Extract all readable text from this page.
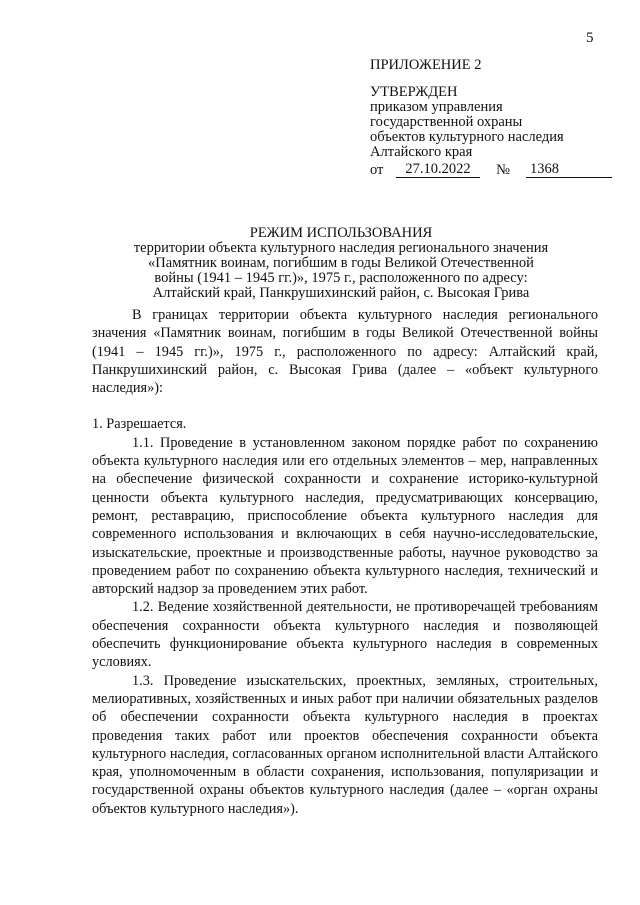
5
ПРИЛОЖЕНИЕ 2
УТВЕРЖДЕН
приказом управления
государственной охраны
объектов культурного наследия
Алтайского края
от	27.10.2022	№	1368
РЕЖИМ ИСПОЛЬЗОВАНИЯ
территории объекта культурного наследия регионального значения
«Памятник воинам, погибшим в годы Великой Отечественной
войны (1941 – 1945 гг.)», 1975 г., расположенного по адресу:
Алтайский край, Панкрушихинский район, с. Высокая Грива

В границах территории объекта культурного наследия регионального значения «Памятник воинам, погибшим в годы Великой Отечественной войны (1941 – 1945 гг.)», 1975 г., расположенного по адресу: Алтайский край, Панкрушихинский район, с. Высокая Грива (далее – «объект культурного наследия»):

1. Разрешается.

1.1. Проведение в установленном законом порядке работ по сохранению объекта культурного наследия или его отдельных элементов – мер, направленных на обеспечение физической сохранности и сохранение историко-культурной ценности объекта культурного наследия, предусматривающих консервацию, ремонт, реставрацию, приспособление объекта культурного наследия для современного использования и включающих в себя научно-исследовательские, изыскательские, проектные и производственные работы, научное руководство за проведением работ по сохранению объекта культурного наследия, технический и авторский надзор за проведением этих работ.

1.2. Ведение хозяйственной деятельности, не противоречащей требованиям обеспечения сохранности объекта культурного наследия и позволяющей обеспечить функционирование объекта культурного наследия в современных условиях.

1.3. Проведение изыскательских, проектных, земляных, строительных, мелиоративных, хозяйственных и иных работ при наличии обязательных разделов об обеспечении сохранности объекта культурного наследия в проектах проведения таких работ или проектов обеспечения сохранности объекта культурного наследия, согласованных органом исполнительной власти Алтайского края, уполномоченным в области сохранения, использования, популяризации и государственной охраны объектов культурного наследия (далее – «орган охраны объектов культурного наследия»).
